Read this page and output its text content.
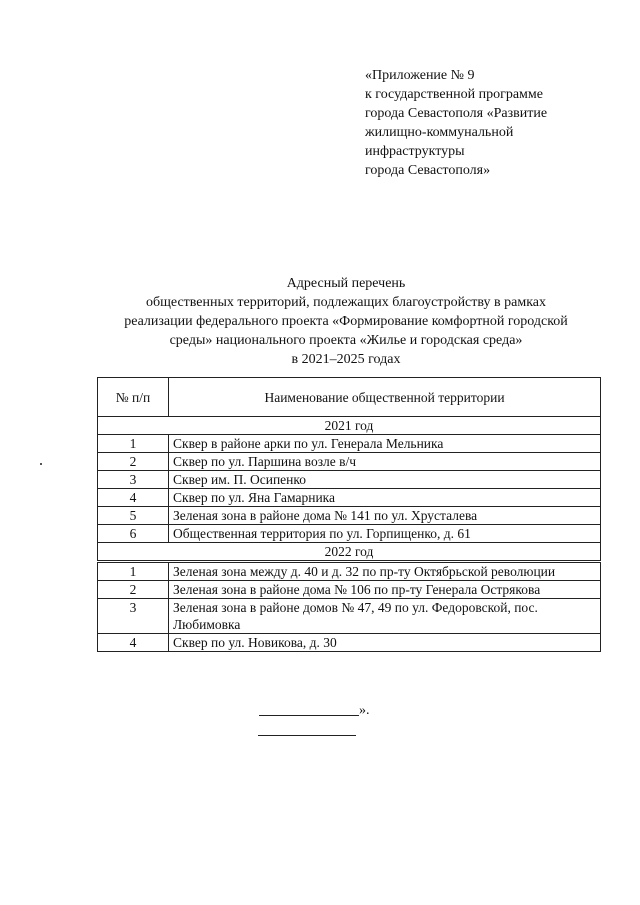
«Приложение № 9
к государственной программе
города Севастополя «Развитие
жилищно-коммунальной
инфраструктуры
города Севастополя»
Адресный перечень
общественных территорий, подлежащих благоустройству в рамках
реализации федерального проекта «Формирование комфортной городской
среды» национального проекта «Жилье и городская среда»
в 2021–2025 годах
№ п/п	Наименование общественной территории
2021 год	
1	Сквер в районе арки по ул. Генерала Мельника
2	Сквер по ул. Паршина возле в/ч
3	Сквер им. П. Осипенко
4	Сквер по ул. Яна Гамарника
5	Зеленая зона в районе дома № 141 по ул. Хрусталева
6	Общественная территория по ул. Горпищенко, д. 61
2022 год	
1	Зеленая зона между д. 40 и д. 32 по пр-ту Октябрьской революции
2	Зеленая зона в районе дома № 106 по пр-ту Генерала Острякова
3	Зеленая зона в районе домов № 47, 49 по ул. Федоровской, пос. Любимовка
4	Сквер по ул. Новикова, д. 30
».
